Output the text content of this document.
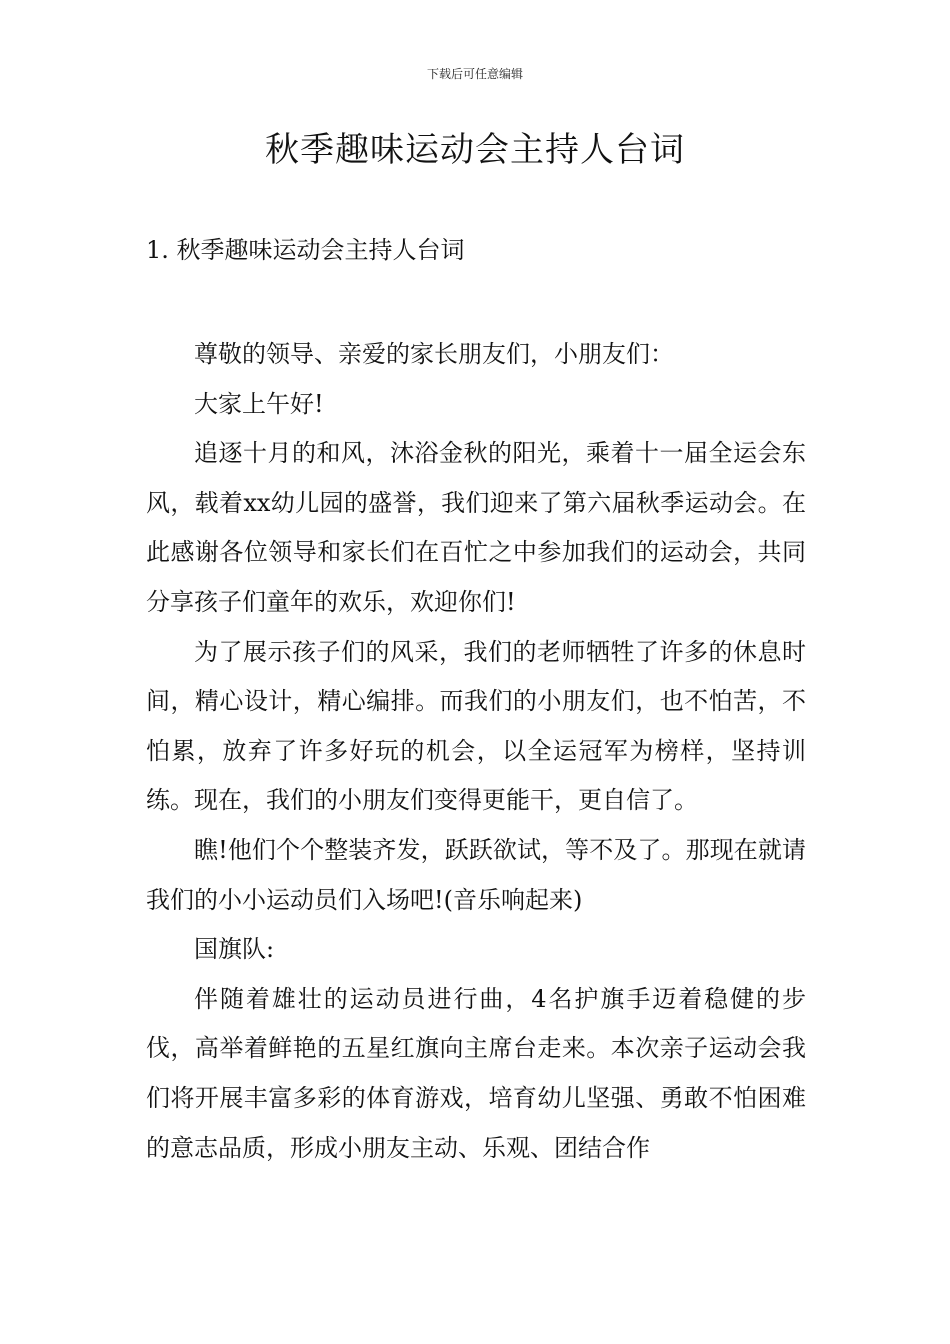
下载后可任意编辑
秋季趣味运动会主持人台词
1. 秋季趣味运动会主持人台词

尊敬的领导、亲爱的家长朋友们，小朋友们：

大家上午好!

追逐十月的和风，沐浴金秋的阳光，乘着十一届全运会东风，载着xx幼儿园的盛誉，我们迎来了第六届秋季运动会。在此感谢各位领导和家长们在百忙之中参加我们的运动会，共同分享孩子们童年的欢乐，欢迎你们!

为了展示孩子们的风采，我们的老师牺牲了许多的休息时间，精心设计，精心编排。而我们的小朋友们，也不怕苦，不怕累，放弃了许多好玩的机会，以全运冠军为榜样，坚持训练。现在，我们的小朋友们变得更能干，更自信了。

瞧!他们个个整装齐发，跃跃欲试，等不及了。那现在就请我们的小小运动员们入场吧!(音乐响起来)

国旗队:

伴随着雄壮的运动员进行曲，4名护旗手迈着稳健的步伐，高举着鲜艳的五星红旗向主席台走来。本次亲子运动会我们将开展丰富多彩的体育游戏，培育幼儿坚强、勇敢不怕困难的意志品质，形成小朋友主动、乐观、团结合作
